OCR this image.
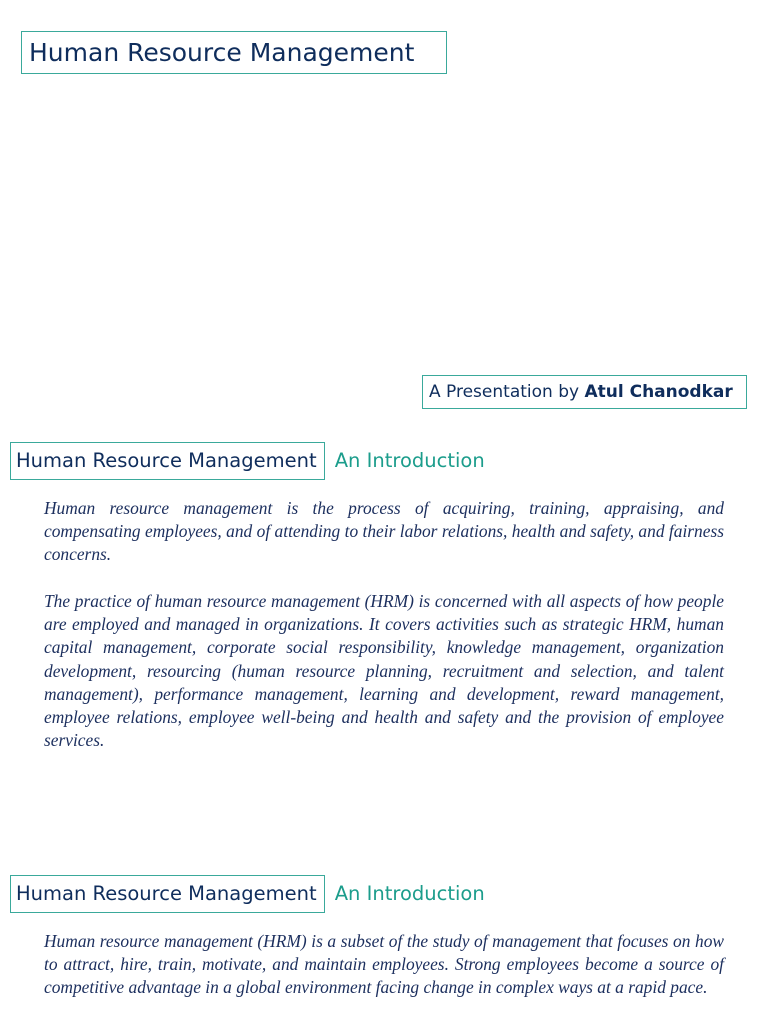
Human Resource Management
A Presentation by Atul Chanodkar
Human Resource Management An Introduction

Human resource management is the process of acquiring, training, appraising, and compensating employees, and of attending to their labor relations, health and safety, and fairness concerns.

The practice of human resource management (HRM) is concerned with all aspects of how people are employed and managed in organizations. It covers activities such as strategic HRM, human capital management, corporate social responsibility, knowledge management, organization development, resourcing (human resource planning, recruitment and selection, and talent management), performance management, learning and development, reward management, employee relations, employee well-being and health and safety and the provision of employee services.

Human Resource Management An Introduction

Human resource management (HRM) is a subset of the study of management that focuses on how to attract, hire, train, motivate, and maintain employees. Strong employees become a source of competitive advantage in a global environment facing change in complex ways at a rapid pace.
